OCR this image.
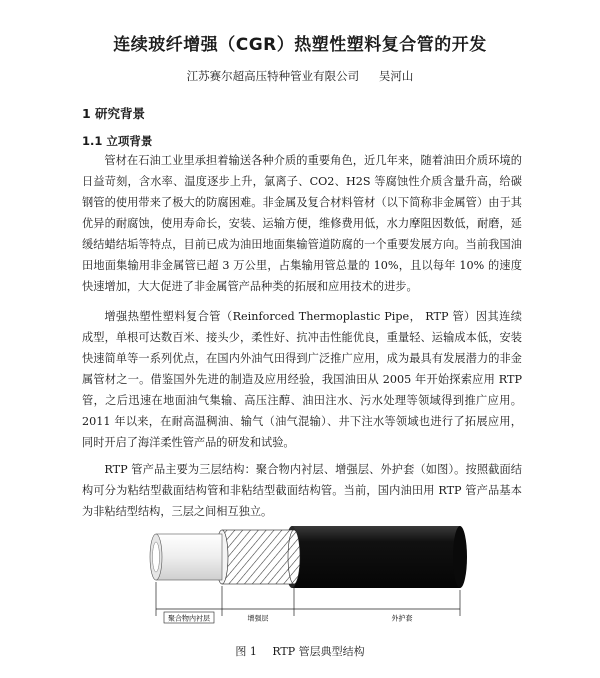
连续玻纤增强（CGR）热塑性塑料复合管的开发
江苏赛尔超高压特种管业有限公司 吴河山
1 研究背景
1.1 立项背景

管材在石油工业里承担着输送各种介质的重要角色，近几年来，随着油田介质环境的日益苛刻，含水率、温度逐步上升，氯离子、CO2、H2S 等腐蚀性介质含量升高，给碳钢管的使用带来了极大的防腐困难。非金属及复合材料管材（以下简称非金属管）由于其优异的耐腐蚀，使用寿命长，安装、运输方便，维修费用低，水力摩阻因数低，耐磨，延缓结蜡结垢等特点，目前已成为油田地面集输管道防腐的一个重要发展方向。当前我国油田地面集输用非金属管已超 3 万公里，占集输用管总量的 10%，且以每年 10% 的速度快速增加，大大促进了非金属管产品种类的拓展和应用技术的进步。

增强热塑性塑料复合管（Reinforced Thermoplastic Pipe， RTP 管）因其连续成型，单根可达数百米、接头少，柔性好、抗冲击性能优良，重量轻、运输成本低，安装快速简单等一系列优点，在国内外油气田得到广泛推广应用，成为最具有发展潜力的非金属管材之一。借鉴国外先进的制造及应用经验，我国油田从 2005 年开始探索应用 RTP 管，之后迅速在地面油气集输、高压注醇、油田注水、污水处理等领域得到推广应用。2011 年以来，在耐高温稠油、输气（油气混输）、井下注水等领域也进行了拓展应用，同时开启了海洋柔性管产品的研发和试验。

RTP 管产品主要为三层结构：聚合物内衬层、增强层、外护套（如图）。按照截面结构可分为粘结型截面结构管和非粘结型截面结构管。当前，国内油田用 RTP 管产品基本为非粘结型结构，三层之间相互独立。

聚合物内衬层	增强层	外护套
图 1 RTP 管层典型结构
